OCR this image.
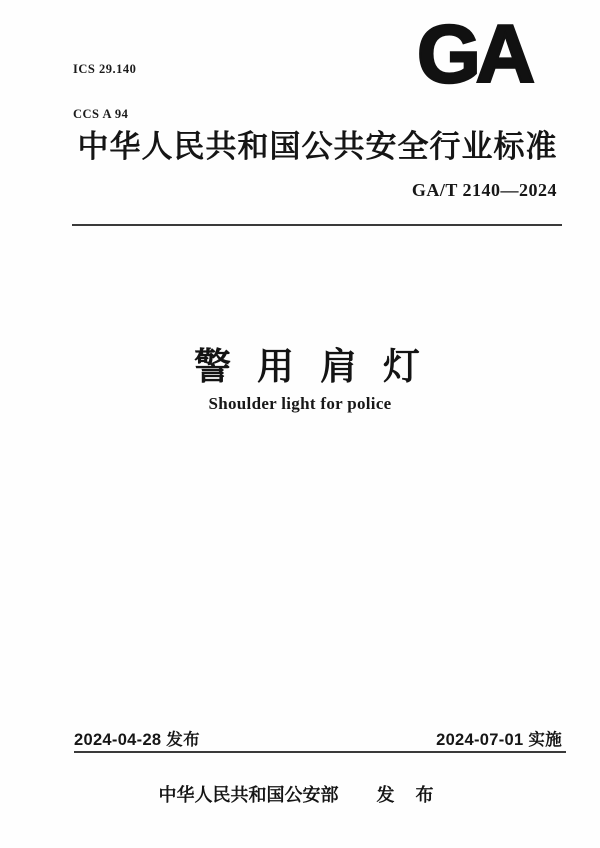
ICS 29.140

CCS A 94

GA
中华人民共和国公共安全行业标准
GA/T 2140—2024
警用肩灯
Shoulder light for police
2024-04-28 发布	2024-07-01 实施
中华人民共和国公安部 发 布
